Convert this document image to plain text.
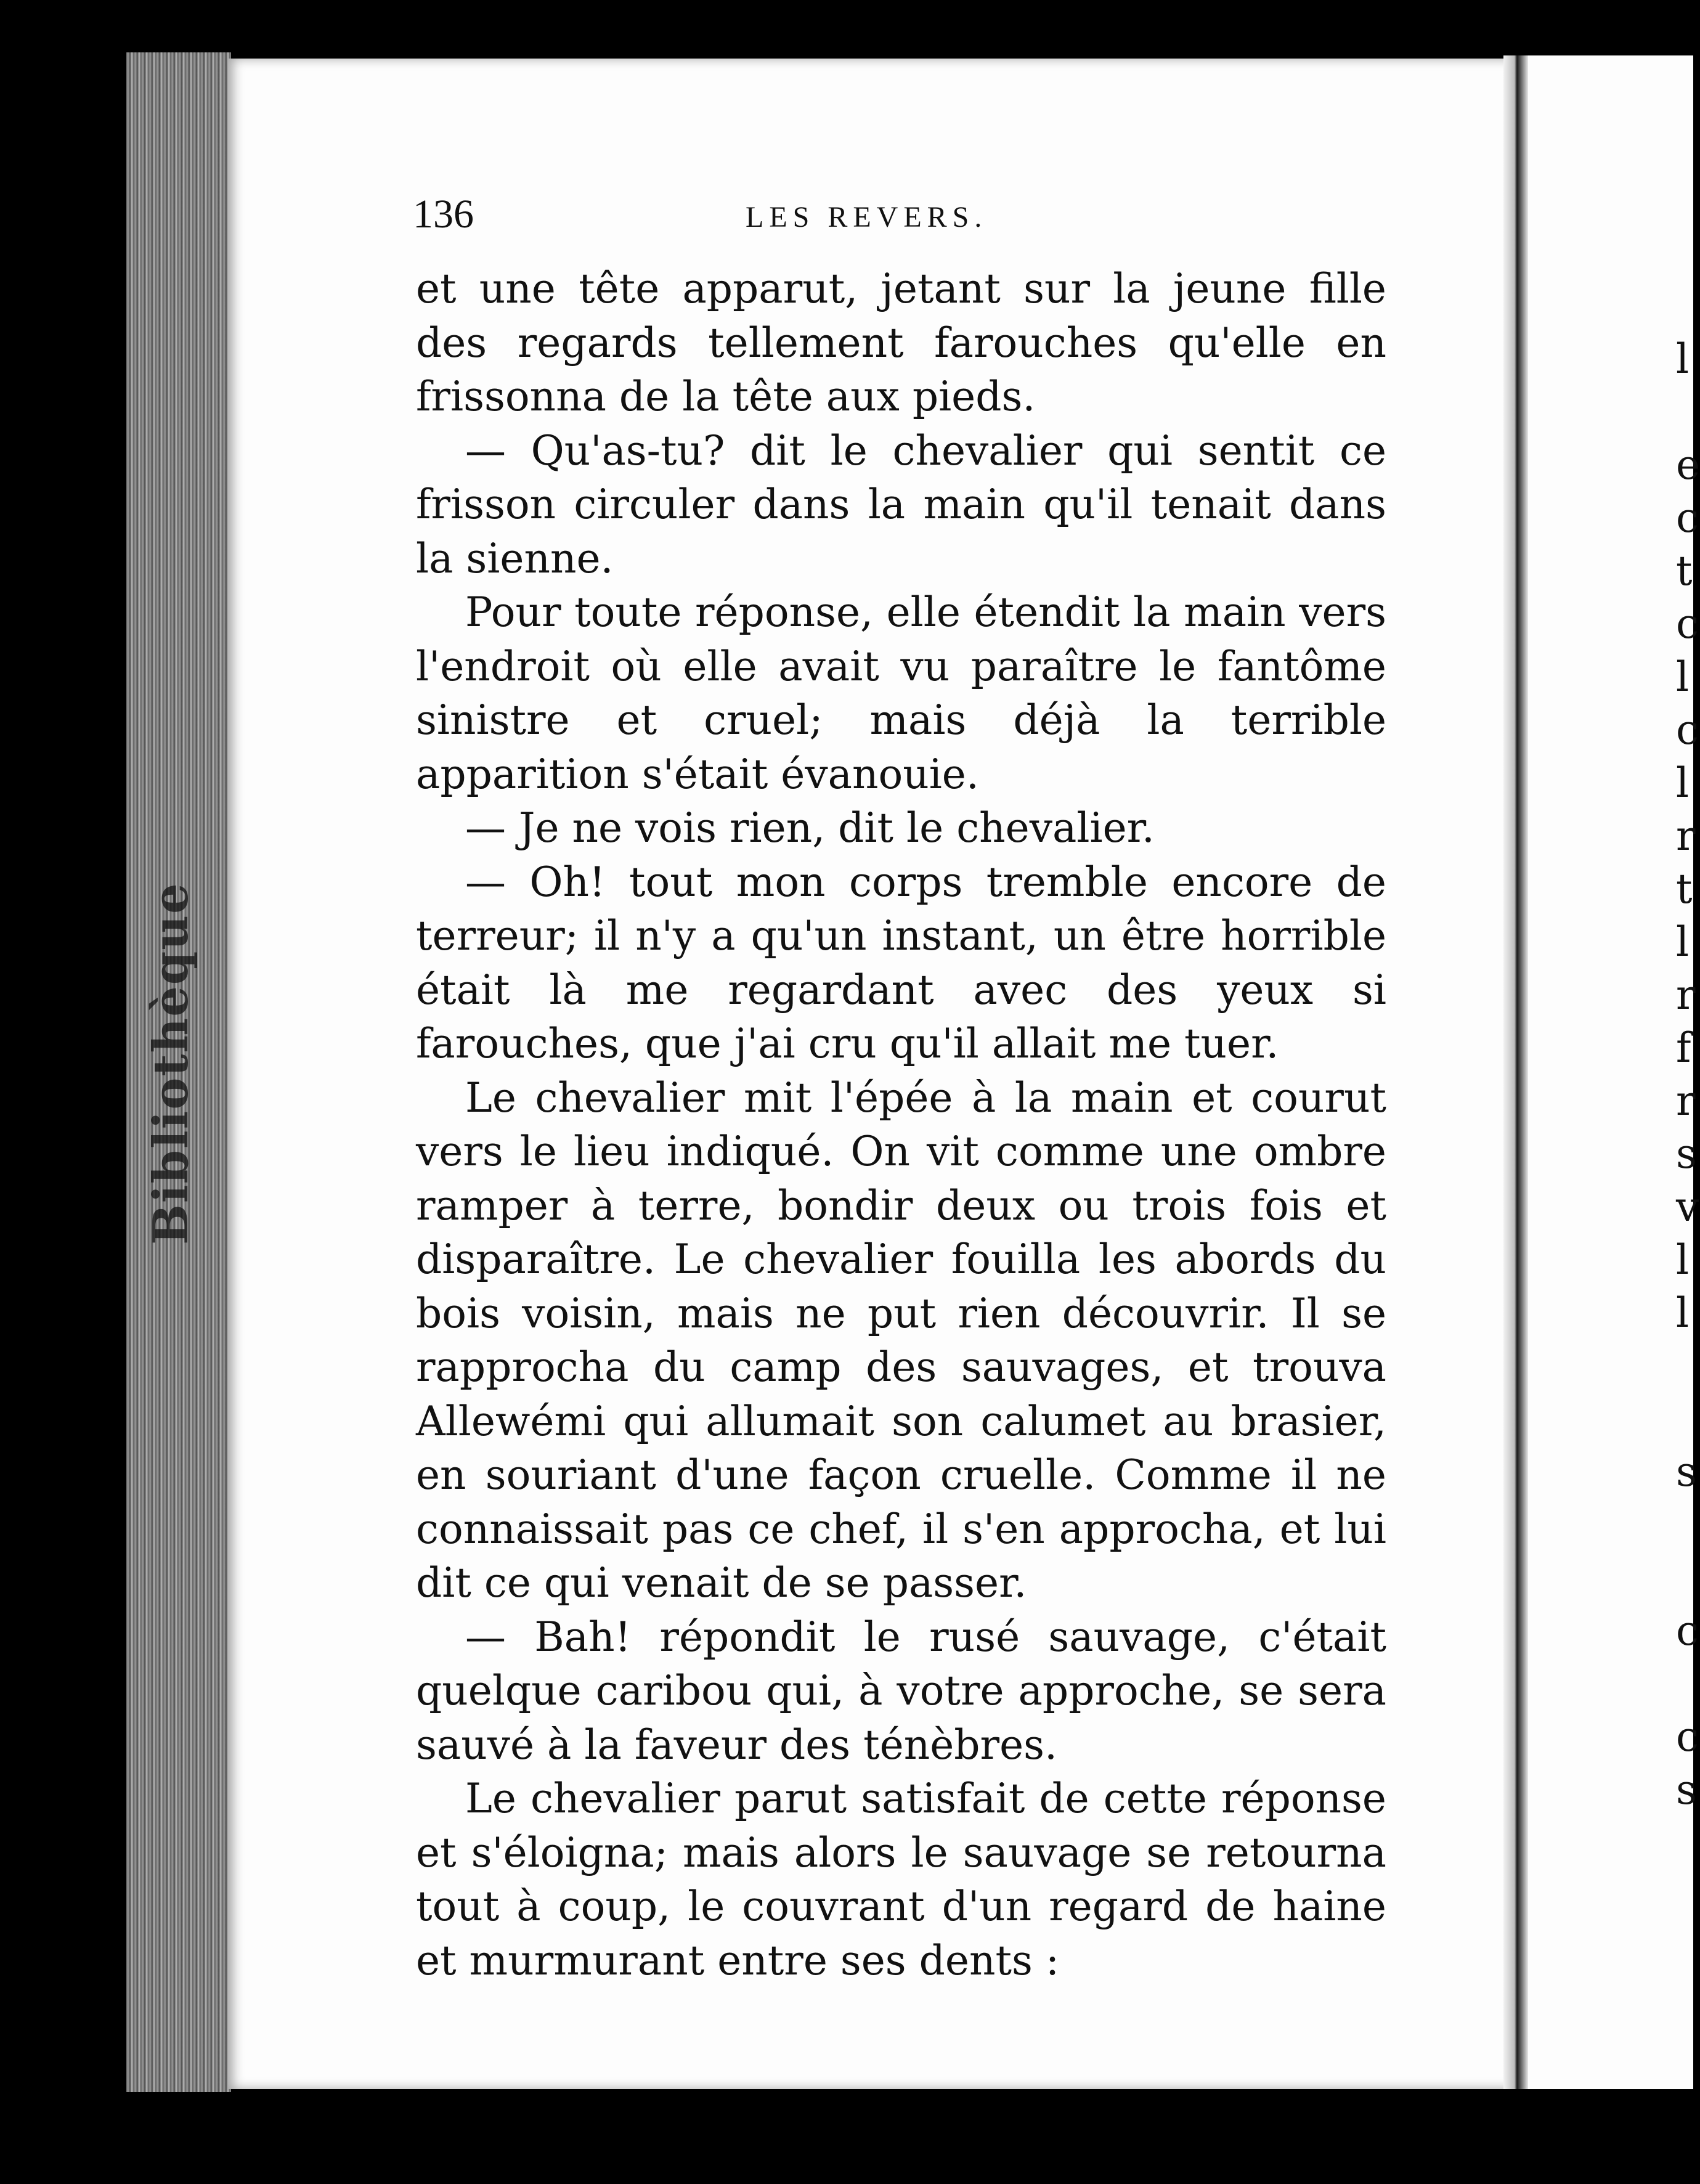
Bibliothèque
136	LES REVERS.

et une tête apparut, jetant sur la jeune fille des regards tellement farouches qu'elle en frissonna de la tête aux pieds.

— Qu'as-tu? dit le chevalier qui sentit ce frisson circuler dans la main qu'il tenait dans la sienne.

Pour toute réponse, elle étendit la main vers l'endroit où elle avait vu paraître le fantôme sinistre et cruel; mais déjà la terrible apparition s'était évanouie.

— Je ne vois rien, dit le chevalier.

— Oh! tout mon corps tremble encore de terreur; il n'y a qu'un instant, un être horrible était là me regardant avec des yeux si farouches, que j'ai cru qu'il allait me tuer.

Le chevalier mit l'épée à la main et courut vers le lieu indiqué. On vit comme une ombre ramper à terre, bondir deux ou trois fois et disparaître. Le chevalier fouilla les abords du bois voisin, mais ne put rien découvrir. Il se rapprocha du camp des sauvages, et trouva Allewémi qui allumait son calumet au brasier, en souriant d'une façon cruelle. Comme il ne connaissait pas ce chef, il s'en approcha, et lui dit ce qui venait de se passer.

— Bah! répondit le rusé sauvage, c'était quelque caribou qui, à votre approche, se sera sauvé à la faveur des ténèbres.

Le chevalier parut satisfait de cette réponse et s'éloigna; mais alors le sauvage se retourna tout à coup, le couvrant d'un regard de haine et murmurant entre ses dents :

l
e
c
t
c
l
c
l
r
t
l
r
f
r
s
v
l
l
s
c
c
s
